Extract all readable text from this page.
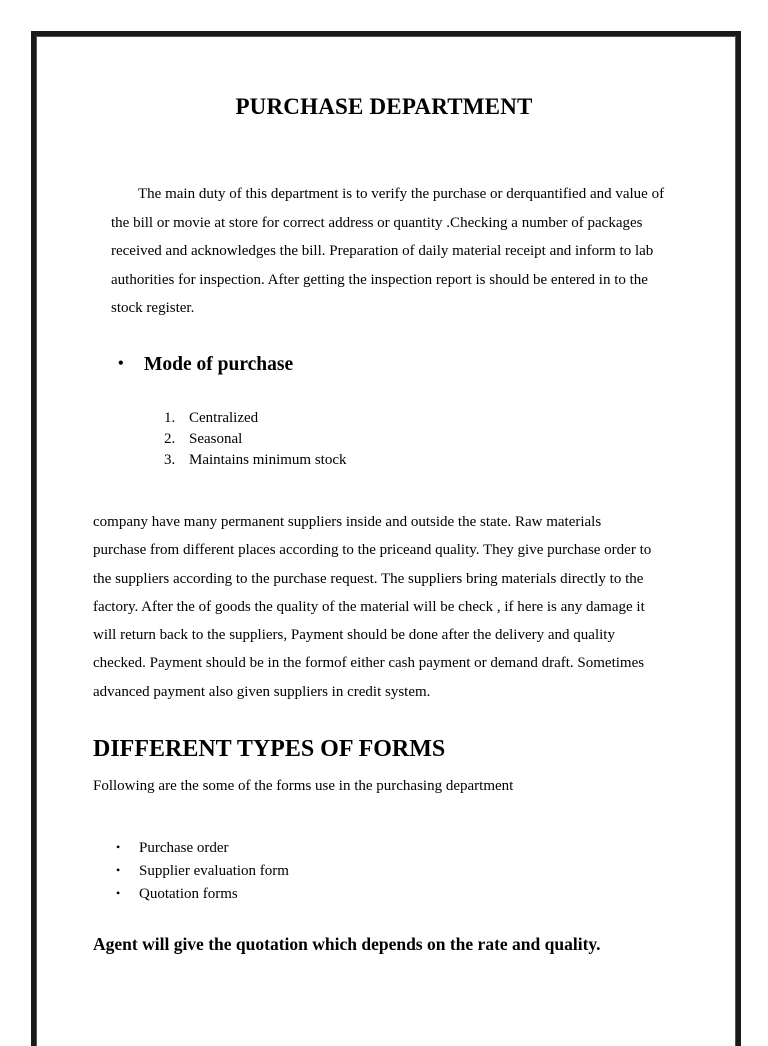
PURCHASE DEPARTMENT

The main duty of this department is to verify the purchase or derquantified and value of the bill or movie at store for correct address or quantity .Checking a number of packages received and acknowledges the bill. Preparation of daily material receipt and inform to lab authorities for inspection. After getting the inspection report is should be entered in to the stock register.

• Mode of purchase
1. Centralized
2. Seasonal
3. Maintains minimum stock

company have many permanent suppliers inside and outside the state. Raw materials
purchase from different places according to the priceand quality. They give purchase order to
the suppliers according to the purchase request. The suppliers bring materials directly to the
factory. After the of goods the quality of the material will be check , if here is any damage it
will return back to the suppliers, Payment should be done after the delivery and quality
checked. Payment should be in the formof either cash payment or demand draft. Sometimes
advanced payment also given suppliers in credit system.

DIFFERENT TYPES OF FORMS

Following are the some of the forms use in the purchasing department

• Purchase order
• Supplier evaluation form
• Quotation forms

Agent will give the quotation which depends on the rate and quality.
